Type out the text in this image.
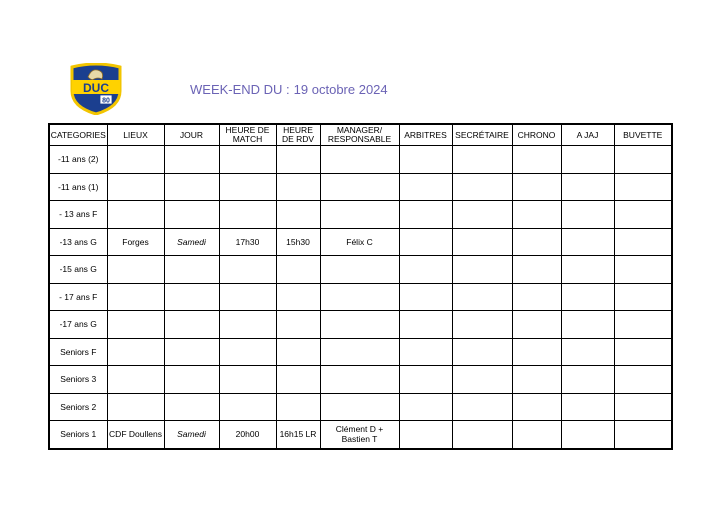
DUC
80
WEEK-END DU : 19 octobre 2024
CATEGORIES	LIEUX	JOUR	HEURE DE MATCH	HEURE DE RDV	MANAGER/ RESPONSABLE	ARBITRES	SECRÉTAIRE	CHRONO	A JAJ	BUVETTE
-11 ans (2)										
-11 ans (1)										
- 13 ans F										
-13 ans G	Forges	Samedi	17h30	15h30	Félix C					
-15 ans G										
- 17 ans F										
-17 ans G										
Seniors F										
Seniors 3										
Seniors 2										
Seniors 1	CDF Doullens	Samedi	20h00	16h15 LR	Clément D + Bastien T					
